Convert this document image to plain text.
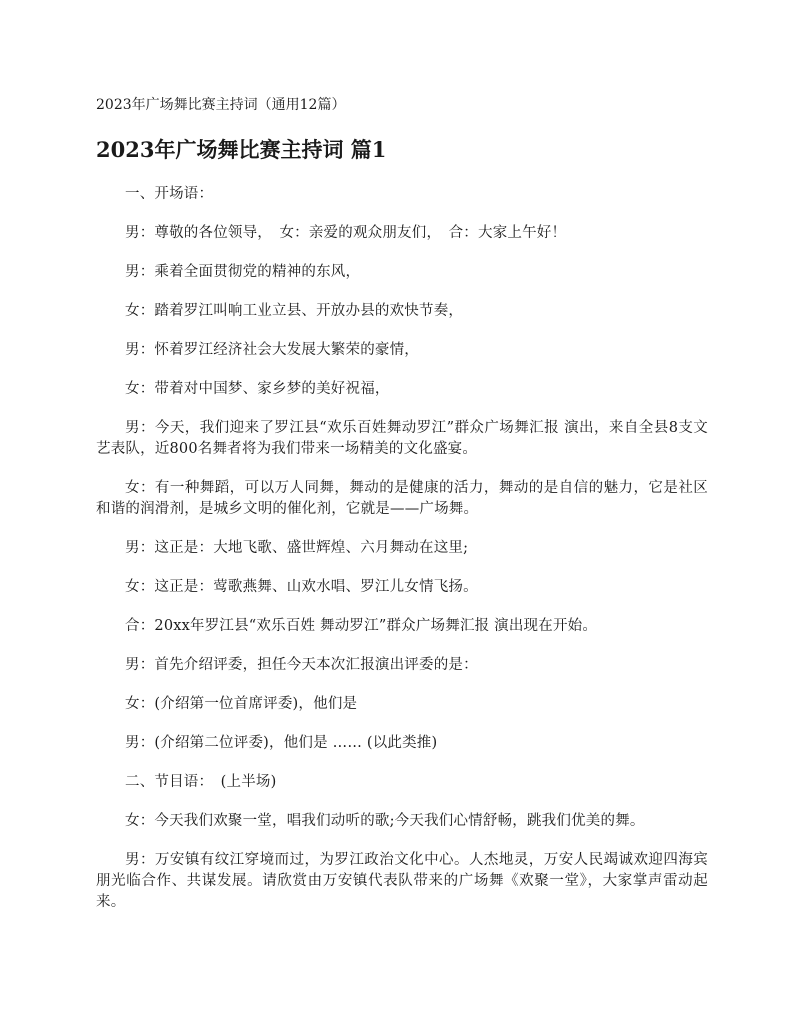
2023年广场舞比赛主持词（通用12篇）
2023年广场舞比赛主持词 篇1

一、开场语：

男：尊敬的各位领导，　女：亲爱的观众朋友们，　合：大家上午好！

男：乘着全面贯彻党的精神的东风，

女：踏着罗江叫响工业立县、开放办县的欢快节奏，

男：怀着罗江经济社会大发展大繁荣的豪情，

女：带着对中国梦、家乡梦的美好祝福，

男：今天，我们迎来了罗江县“欢乐百姓舞动罗江”群众广场舞汇报 演出，来自全县8支文艺表队，近800名舞者将为我们带来一场精美的文化盛宴。

女：有一种舞蹈，可以万人同舞，舞动的是健康的活力，舞动的是自信的魅力，它是社区和谐的润滑剂，是城乡文明的催化剂，它就是——广场舞。

男：这正是：大地飞歌、盛世辉煌、六月舞动在这里;

女：这正是：莺歌燕舞、山欢水唱、罗江儿女情飞扬。

合：20xx年罗江县“欢乐百姓 舞动罗江”群众广场舞汇报 演出现在开始。

男：首先介绍评委，担任今天本次汇报演出评委的是：

女：(介绍第一位首席评委)，他们是

男：(介绍第二位评委)，他们是 …… (以此类推)

二、节目语：　(上半场)

女：今天我们欢聚一堂，唱我们动听的歌;今天我们心情舒畅，跳我们优美的舞。

男：万安镇有纹江穿境而过，为罗江政治文化中心。人杰地灵，万安人民竭诚欢迎四海宾朋光临合作、共谋发展。请欣赏由万安镇代表队带来的广场舞《欢聚一堂》，大家掌声雷动起来。
